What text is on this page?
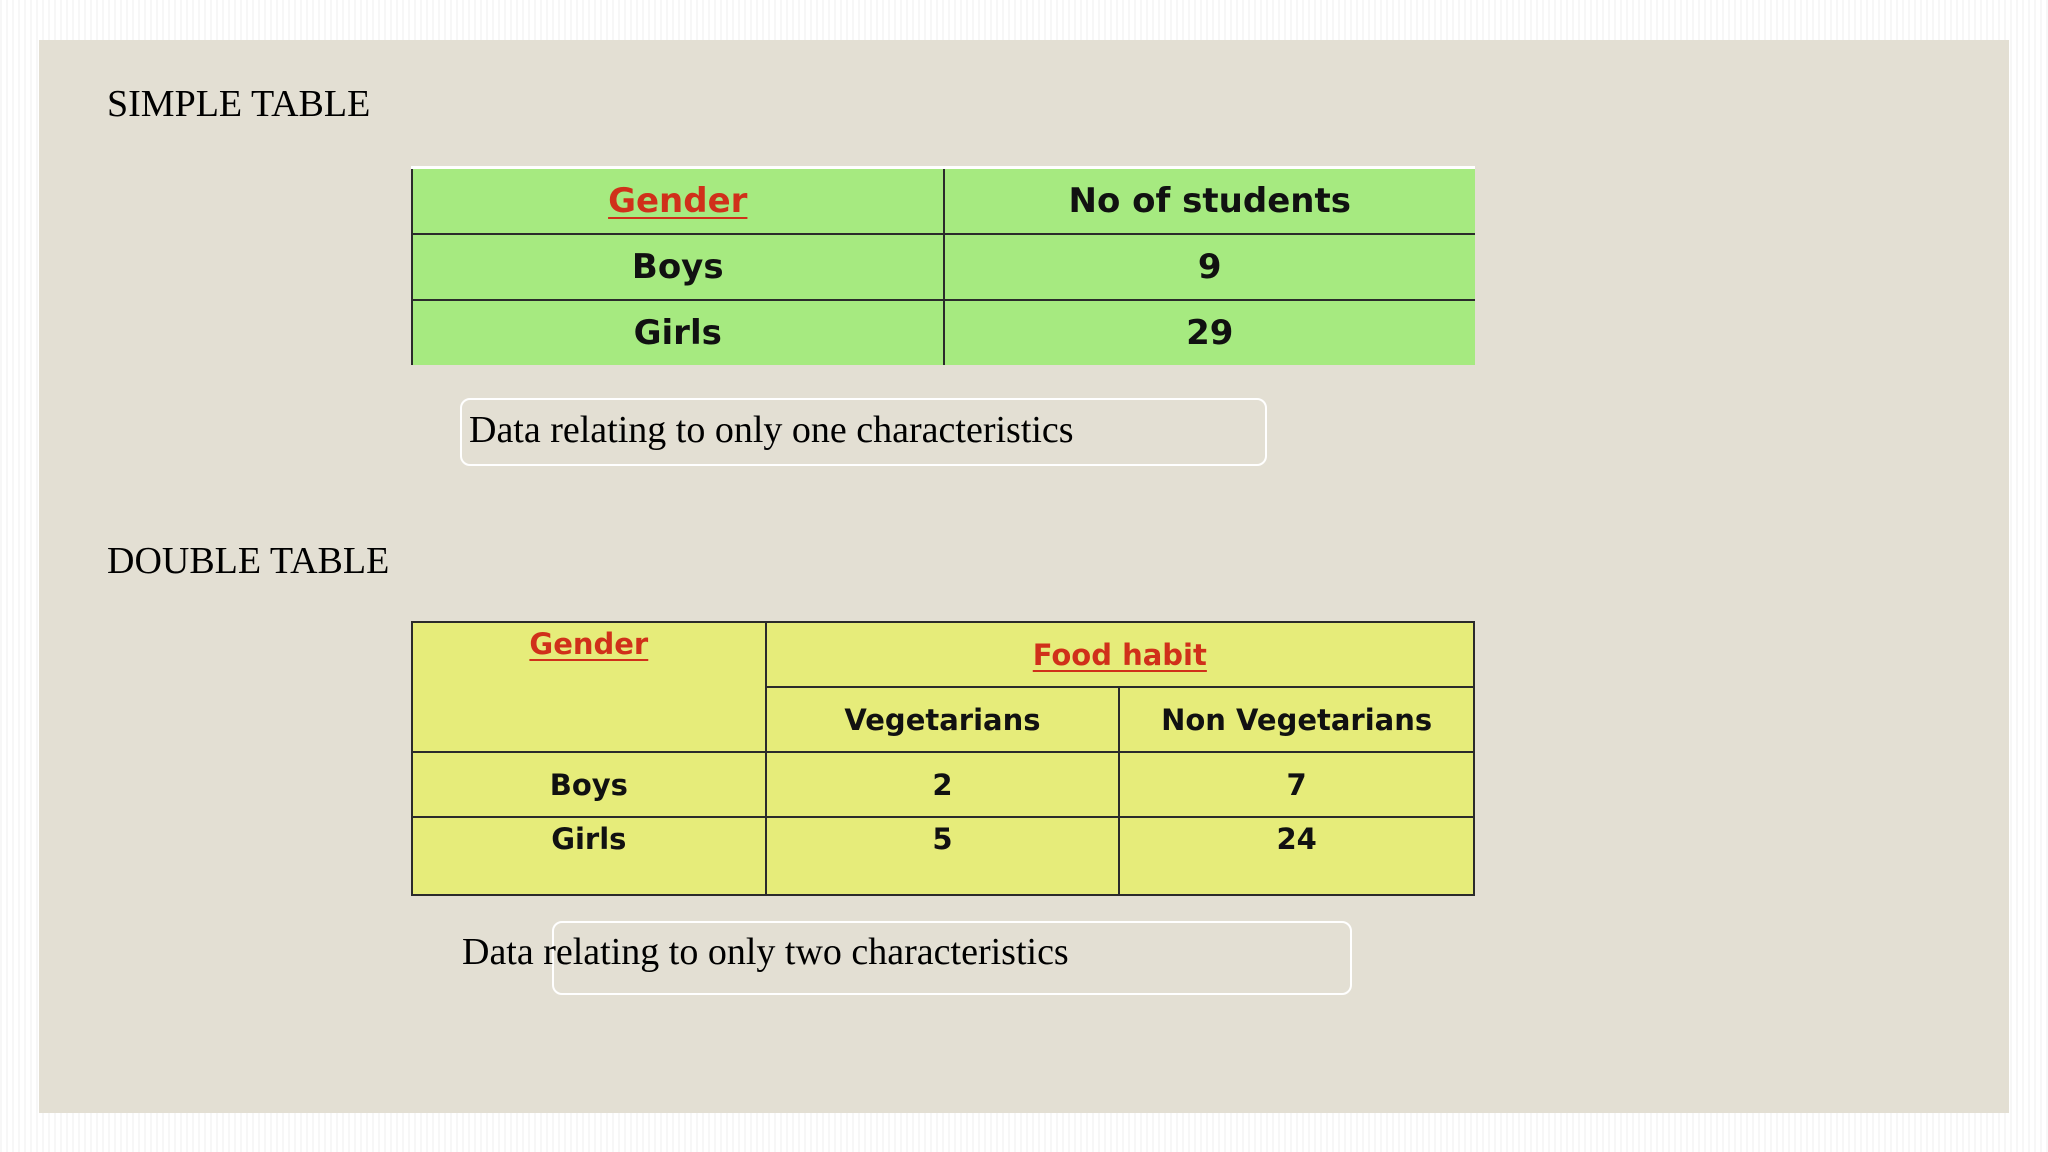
SIMPLE TABLE
Gender	No of students
Boys	9
Girls	29
Data relating to only one characteristics
DOUBLE TABLE
Gender	Food habit	
	Vegetarians	Non Vegetarians
Boys	2	7
Girls	5	24
Data relating to only two characteristics
